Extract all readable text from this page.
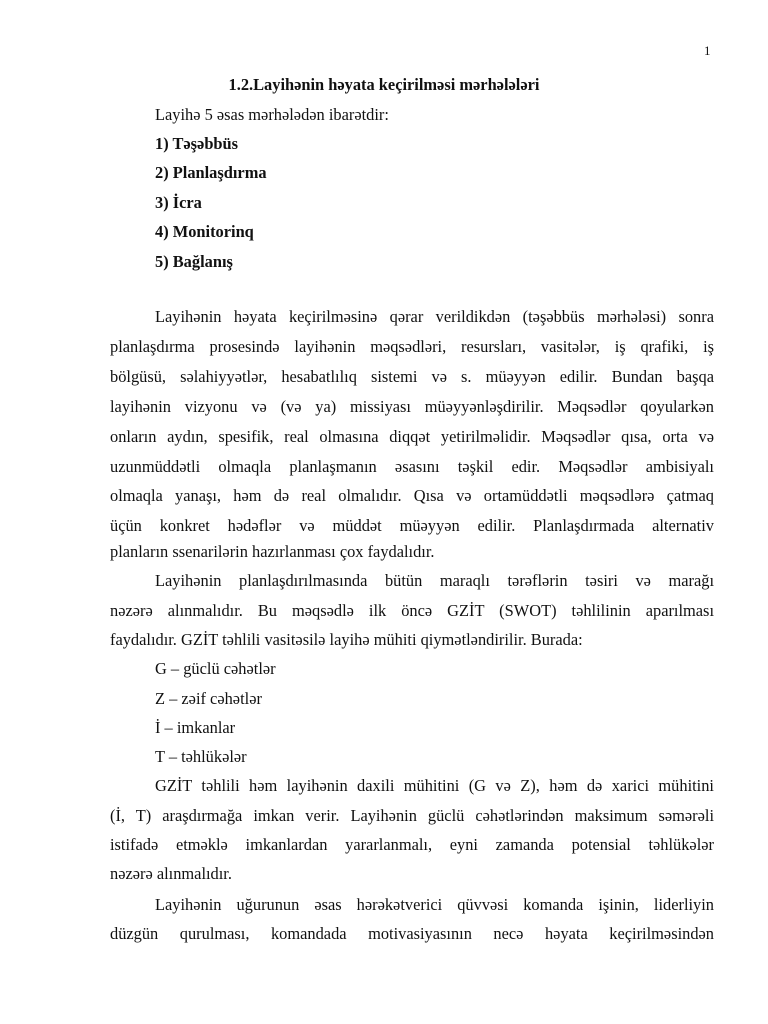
1
1.2.Layihənin həyata keçirilməsi mərhələləri
Layihə 5 əsas mərhələdən ibarətdir:
1) Təşəbbüs
2) Planlaşdırma
3) İcra
4) Monitorinq
5) Bağlanış
Layihənin həyata keçirilməsinə qərar verildikdən (təşəbbüs mərhələsi) sonra
planlaşdırma prosesində layihənin məqsədləri, resursları, vasitələr, iş qrafiki, iş
bölgüsü, səlahiyyətlər, hesabatlılıq sistemi və s. müəyyən edilir. Bundan başqa
layihənin vizyonu və (və ya) missiyası müəyyənləşdirilir. Məqsədlər qoyularkən
onların aydın, spesifik, real olmasına diqqət yetirilməlidir. Məqsədlər qısa, orta və
uzunmüddətli olmaqla planlaşmanın əsasını təşkil edir. Məqsədlər ambisiyalı
olmaqla yanaşı, həm də real olmalıdır. Qısa və ortamüddətli məqsədlərə çatmaq
üçün konkret hədəflər və müddət müəyyən edilir. Planlaşdırmada alternativ
planların ssenarilərin hazırlanması çox faydalıdır.
Layihənin planlaşdırılmasında bütün maraqlı tərəflərin təsiri və marağı
nəzərə alınmalıdır. Bu məqsədlə ilk öncə GZİT (SWOT) təhlilinin aparılması
faydalıdır. GZİT təhlili vasitəsilə layihə mühiti qiymətləndirilir. Burada:
G – güclü cəhətlər
Z – zəif cəhətlər
İ – imkanlar
T – təhlükələr
GZİT təhlili həm layihənin daxili mühitini (G və Z), həm də xarici mühitini
(İ, T) araşdırmağa imkan verir. Layihənin güclü cəhətlərindən maksimum səmərəli
istifadə etməklə imkanlardan yararlanmalı, eyni zamanda potensial təhlükələr
nəzərə alınmalıdır.
Layihənin uğurunun əsas hərəkətverici qüvvəsi komanda işinin, liderliyin
düzgün qurulması, komandada motivasiyasının necə həyata keçirilməsindən
